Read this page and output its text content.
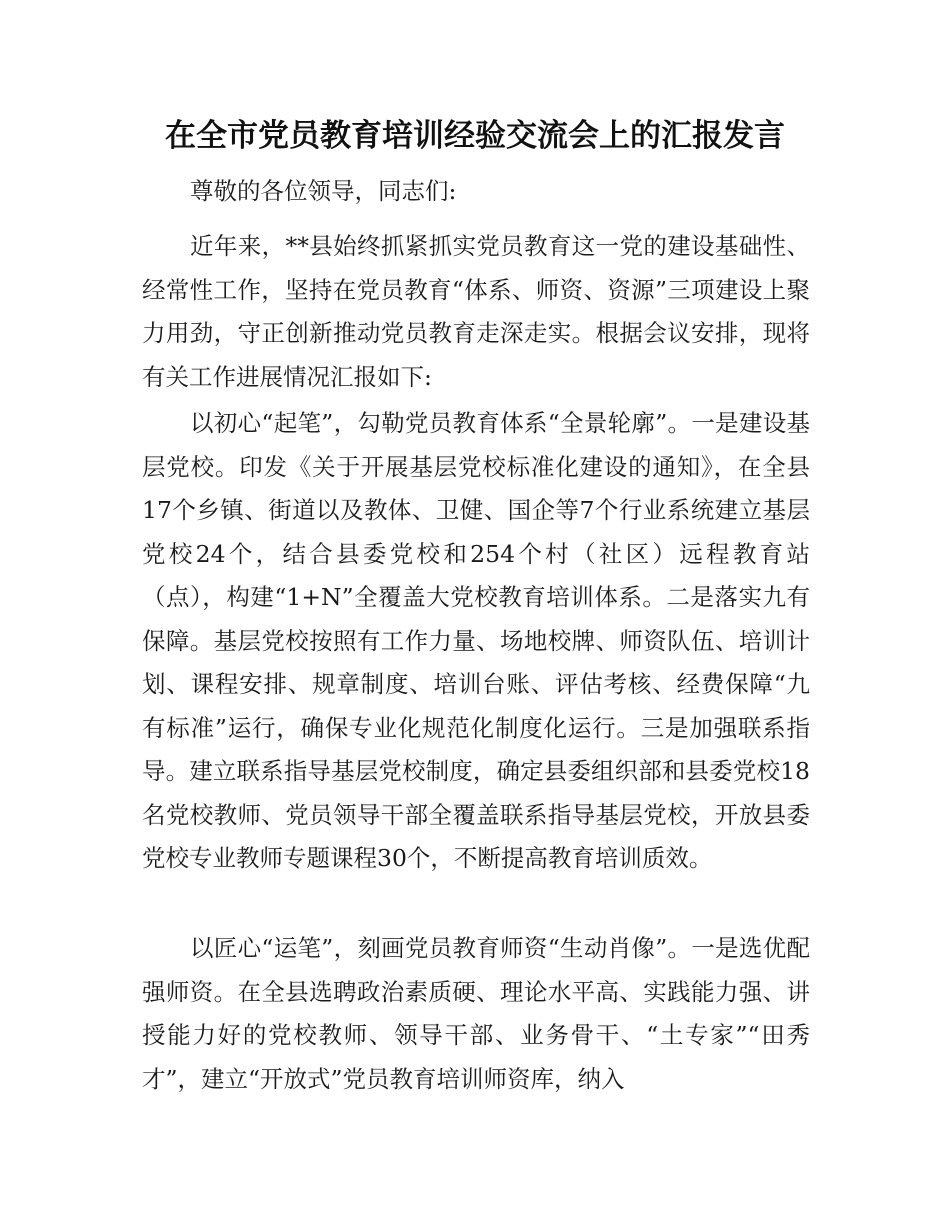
在全市党员教育培训经验交流会上的汇报发言

尊敬的各位领导，同志们:

近年来，**县始终抓紧抓实党员教育这一党的建设基础性、经常性工作，坚持在党员教育“体系、师资、资源”三项建设上聚力用劲，守正创新推动党员教育走深走实。根据会议安排，现将有关工作进展情况汇报如下:

以初心“起笔”，勾勒党员教育体系“全景轮廓”。一是建设基层党校。印发《关于开展基层党校标准化建设的通知》，在全县17个乡镇、街道以及教体、卫健、国企等7个行业系统建立基层党校24个，结合县委党校和254个村（社区）远程教育站（点），构建“1+N”全覆盖大党校教育培训体系。二是落实九有保障。基层党校按照有工作力量、场地校牌、师资队伍、培训计划、课程安排、规章制度、培训台账、评估考核、经费保障“九有标准”运行，确保专业化规范化制度化运行。三是加强联系指导。建立联系指导基层党校制度，确定县委组织部和县委党校18名党校教师、党员领导干部全覆盖联系指导基层党校，开放县委党校专业教师专题课程30个，不断提高教育培训质效。

以匠心“运笔”，刻画党员教育师资“生动肖像”。一是选优配强师资。在全县选聘政治素质硬、理论水平高、实践能力强、讲授能力好的党校教师、领导干部、业务骨干、“土专家”“田秀才”，建立“开放式”党员教育培训师资库，纳入
